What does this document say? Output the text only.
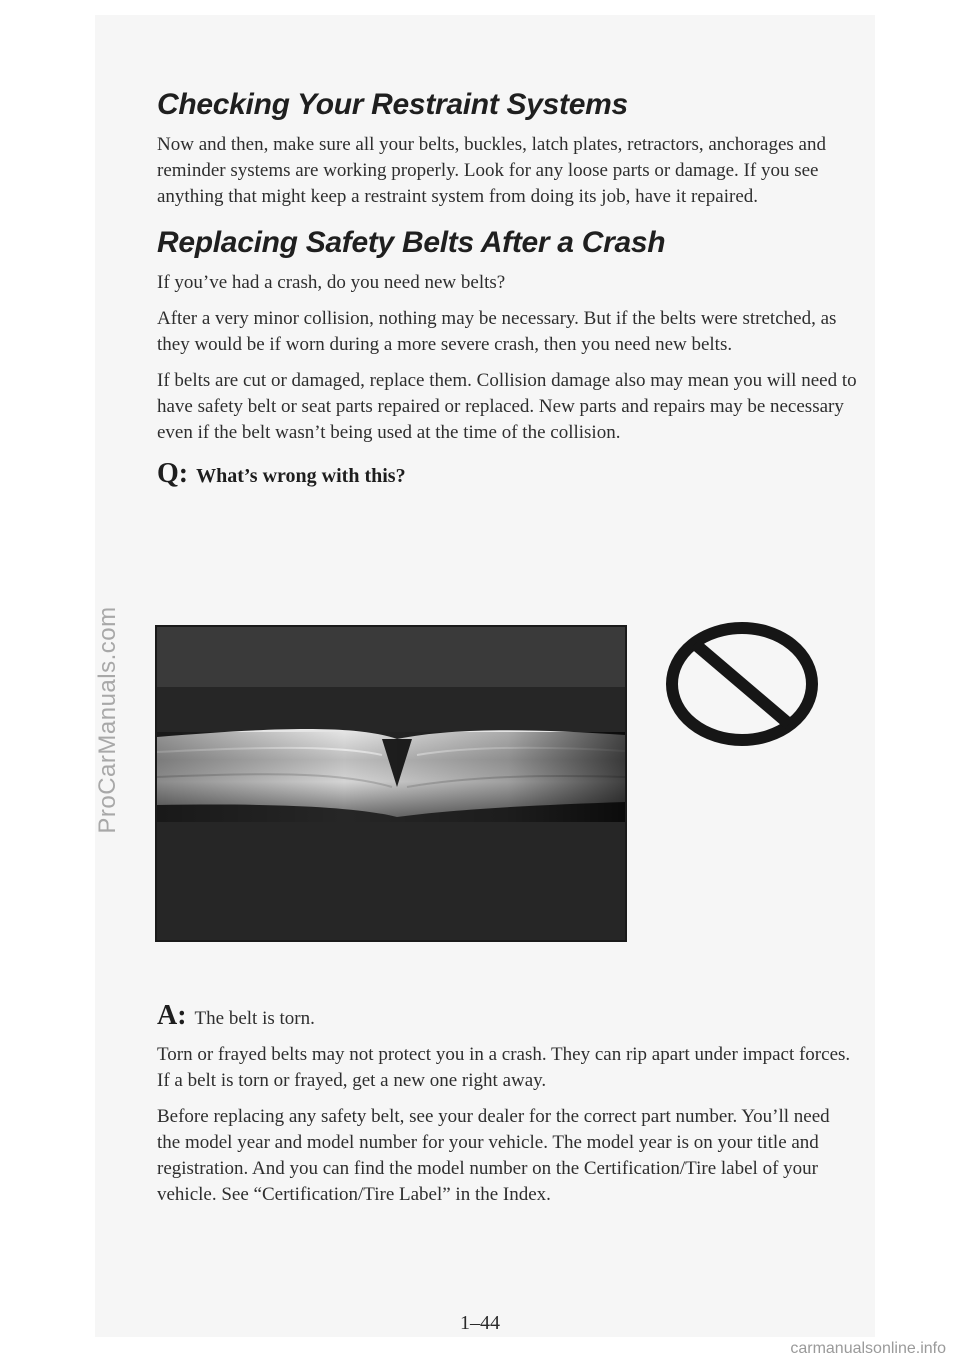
ProCarManuals.com
carmanualsonline.info
Checking Your Restraint Systems

Now and then, make sure all your belts, buckles, latch plates, retractors, anchorages and reminder systems are working properly. Look for any loose parts or damage. If you see anything that might keep a restraint system from doing its job, have it repaired.

Replacing Safety Belts After a Crash

If you’ve had a crash, do you need new belts?

After a very minor collision, nothing may be necessary. But if the belts were stretched, as they would be if worn during a more severe crash, then you need new belts.

If belts are cut or damaged, replace them. Collision damage also may mean you will need to have safety belt or seat parts repaired or replaced. New parts and repairs may be necessary even if the belt wasn’t being used at the time of the collision.

Q: What’s wrong with this?
A: The belt is torn.

Torn or frayed belts may not protect you in a crash. They can rip apart under impact forces. If a belt is torn or frayed, get a new one right away.

Before replacing any safety belt, see your dealer for the correct part number. You’ll need the model year and model number for your vehicle. The model year is on your title and registration. And you can find the model number on the Certification/Tire label of your vehicle. See “Certification/Tire Label” in the Index.

1–44
